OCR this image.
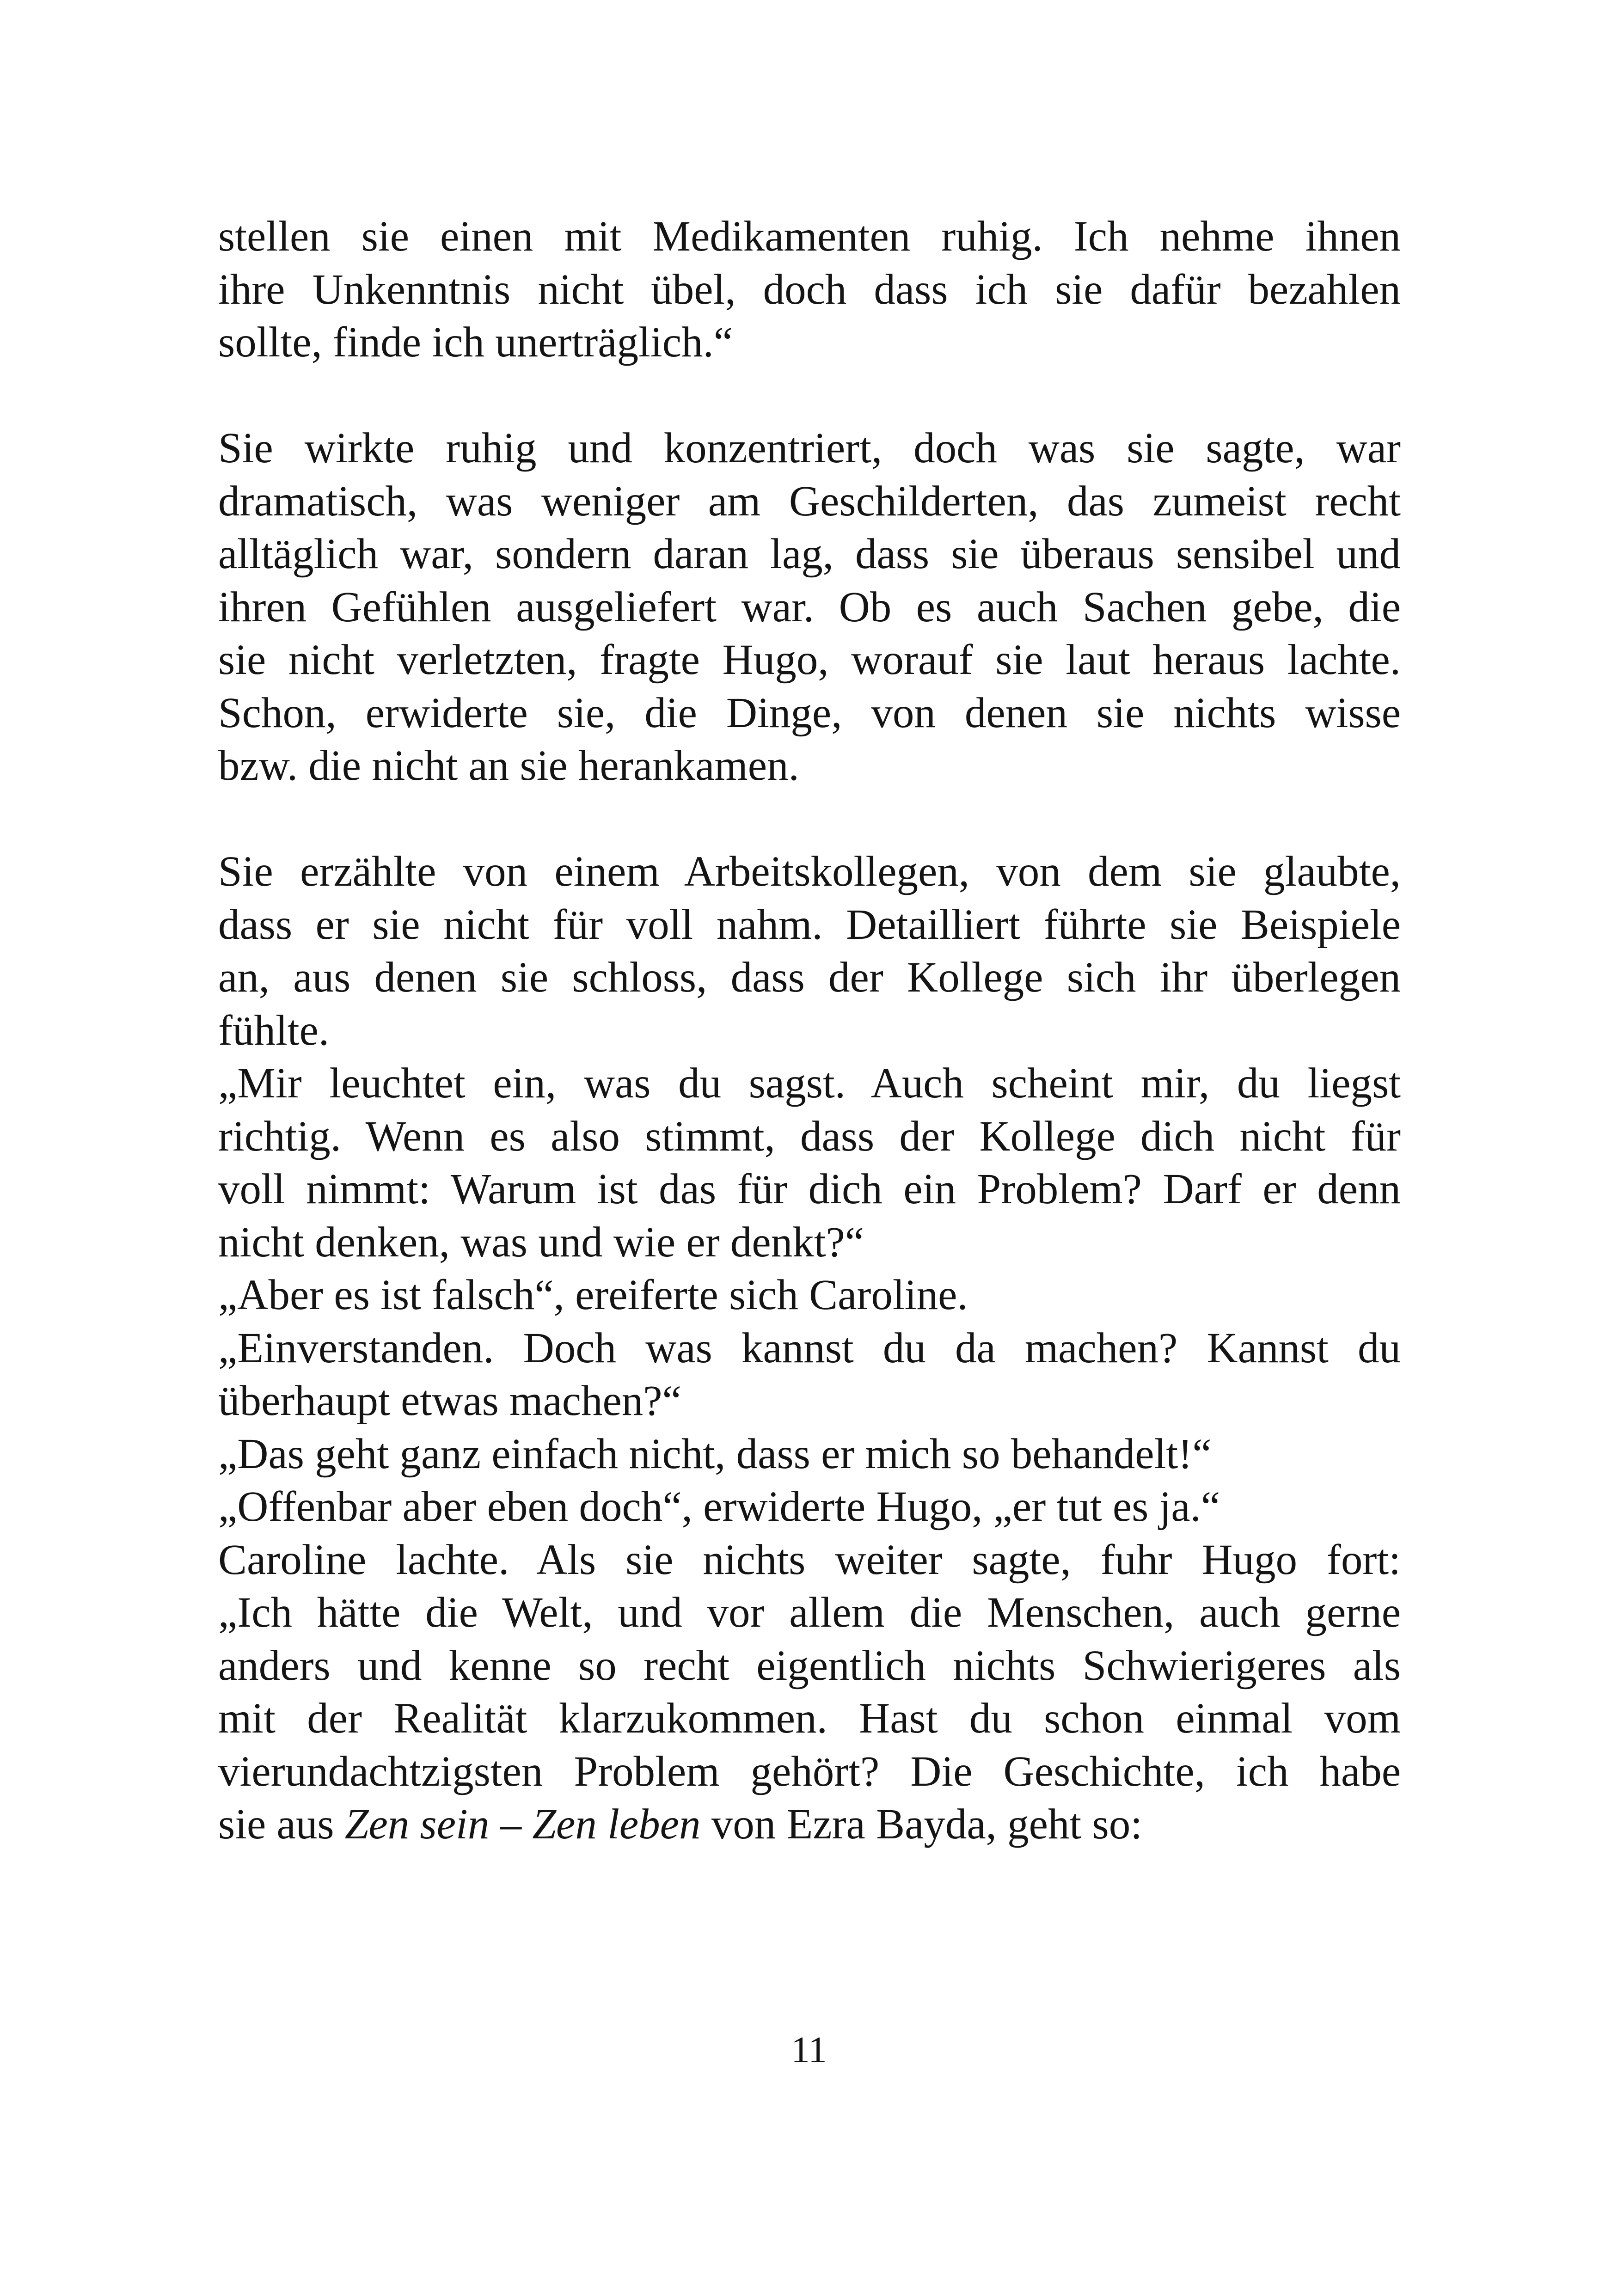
stellen sie einen mit Medikamenten ruhig. Ich nehme ihnen
ihre Unkenntnis nicht übel, doch dass ich sie dafür bezahlen
sollte, finde ich unerträglich.“

Sie wirkte ruhig und konzentriert, doch was sie sagte, war
dramatisch, was weniger am Geschilderten, das zumeist recht
alltäglich war, sondern daran lag, dass sie überaus sensibel und
ihren Gefühlen ausgeliefert war. Ob es auch Sachen gebe, die
sie nicht verletzten, fragte Hugo, worauf sie laut heraus lachte.
Schon, erwiderte sie, die Dinge, von denen sie nichts wisse
bzw. die nicht an sie herankamen.

Sie erzählte von einem Arbeitskollegen, von dem sie glaubte,
dass er sie nicht für voll nahm. Detailliert führte sie Beispiele
an, aus denen sie schloss, dass der Kollege sich ihr überlegen
fühlte.

„Mir leuchtet ein, was du sagst. Auch scheint mir, du liegst
richtig. Wenn es also stimmt, dass der Kollege dich nicht für
voll nimmt: Warum ist das für dich ein Problem? Darf er denn
nicht denken, was und wie er denkt?“

„Aber es ist falsch“, ereiferte sich Caroline.

„Einverstanden. Doch was kannst du da machen? Kannst du
überhaupt etwas machen?“

„Das geht ganz einfach nicht, dass er mich so behandelt!“

„Offenbar aber eben doch“, erwiderte Hugo, „er tut es ja.“

Caroline lachte. Als sie nichts weiter sagte, fuhr Hugo fort:
„Ich hätte die Welt, und vor allem die Menschen, auch gerne
anders und kenne so recht eigentlich nichts Schwierigeres als
mit der Realität klarzukommen. Hast du schon einmal vom
vierundachtzigsten Problem gehört? Die Geschichte, ich habe
sie aus Zen sein – Zen leben von Ezra Bayda, geht so:

11
